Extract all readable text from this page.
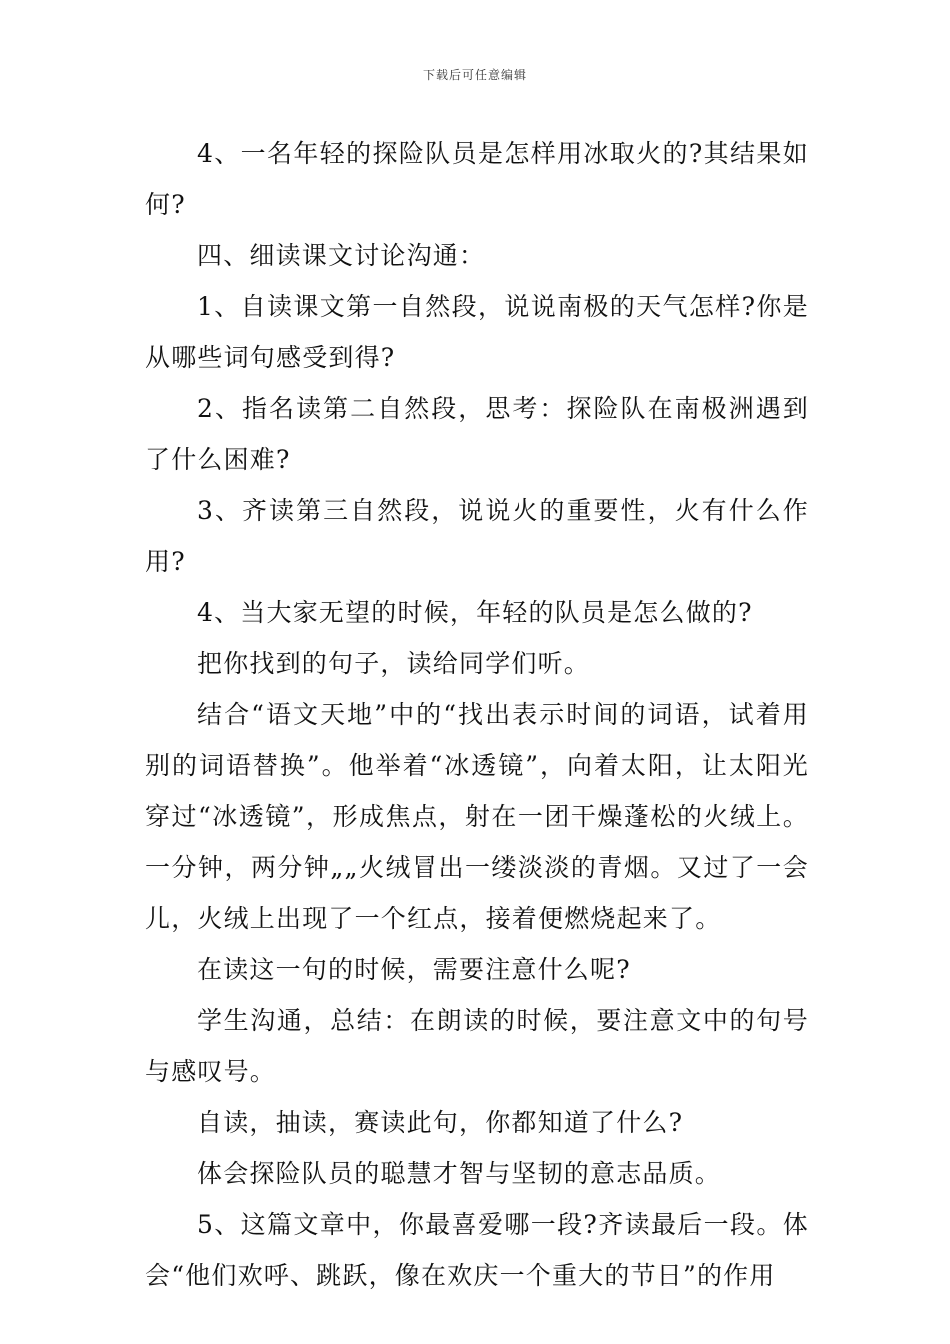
下载后可任意编辑

4、一名年轻的探险队员是怎样用冰取火的?其结果如何?

四、细读课文讨论沟通：

1、自读课文第一自然段，说说南极的天气怎样?你是从哪些词句感受到得?

2、指名读第二自然段，思考：探险队在南极洲遇到了什么困难?

3、齐读第三自然段，说说火的重要性，火有什么作用?

4、当大家无望的时候，年轻的队员是怎么做的?

把你找到的句子，读给同学们听。

结合“语文天地”中的“找出表示时间的词语，试着用别的词语替换”。他举着“冰透镜”，向着太阳，让太阳光穿过“冰透镜”，形成焦点，射在一团干燥蓬松的火绒上。一分钟，两分钟„„火绒冒出一缕淡淡的青烟。又过了一会儿，火绒上出现了一个红点，接着便燃烧起来了。

在读这一句的时候，需要注意什么呢?

学生沟通，总结：在朗读的时候，要注意文中的句号与感叹号。

自读，抽读，赛读此句，你都知道了什么?

体会探险队员的聪慧才智与坚韧的意志品质。

5、这篇文章中，你最喜爱哪一段?齐读最后一段。体会“他们欢呼、跳跃，像在欢庆一个重大的节日”的作用
